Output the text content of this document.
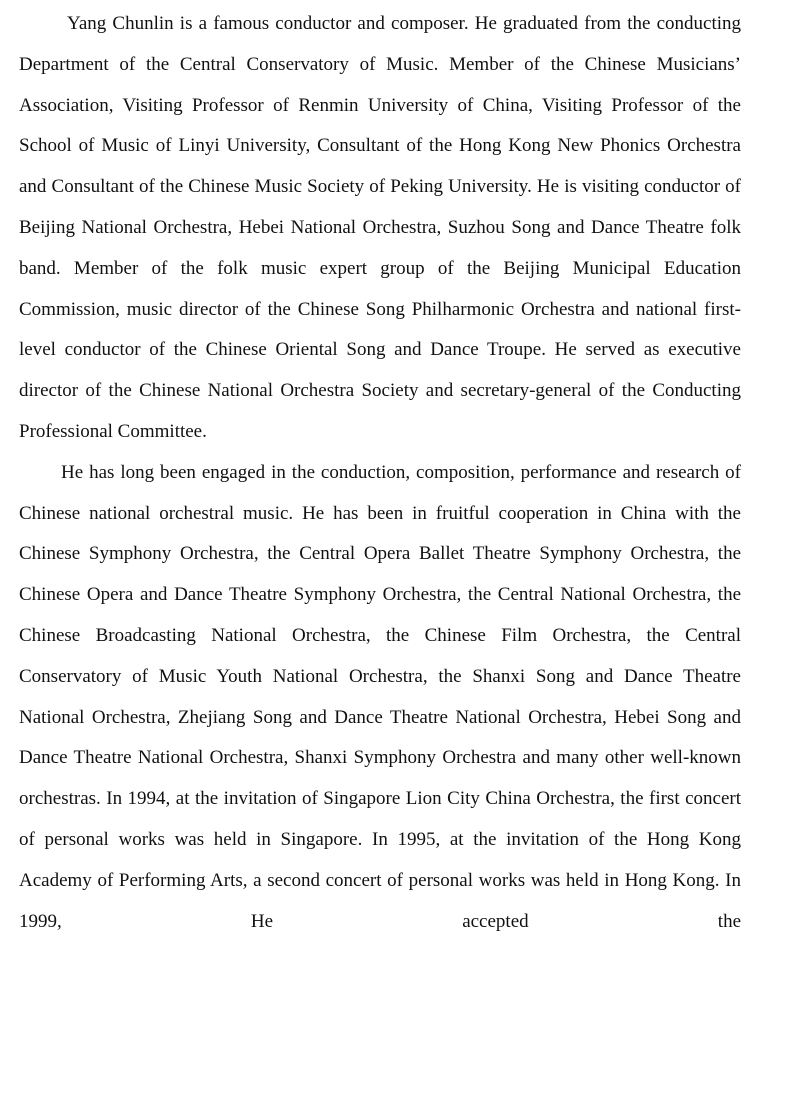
Yang Chunlin is a famous conductor and composer. He graduated from the conducting Department of the Central Conservatory of Music. Member of the Chinese Musicians’ Association, Visiting Professor of Renmin University of China, Visiting Professor of the School of Music of Linyi University, Consultant of the Hong Kong New Phonics Orchestra and Consultant of the Chinese Music Society of Peking University. He is visiting conductor of Beijing National Orchestra, Hebei National Orchestra, Suzhou Song and Dance Theatre folk band. Member of the folk music expert group of the Beijing Municipal Education Commission, music director of the Chinese Song Philharmonic Orchestra and national first-level conductor of the Chinese Oriental Song and Dance Troupe. He served as executive director of the Chinese National Orchestra Society and secretary-general of the Conducting Professional Committee.

He has long been engaged in the conduction, composition, performance and research of Chinese national orchestral music. He has been in fruitful cooperation in China with the Chinese Symphony Orchestra, the Central Opera Ballet Theatre Symphony Orchestra, the Chinese Opera and Dance Theatre Symphony Orchestra, the Central National Orchestra, the Chinese Broadcasting National Orchestra, the Chinese Film Orchestra, the Central Conservatory of Music Youth National Orchestra, the Shanxi Song and Dance Theatre National Orchestra, Zhejiang Song and Dance Theatre National Orchestra, Hebei Song and Dance Theatre National Orchestra, Shanxi Symphony Orchestra and many other well-known orchestras. In 1994, at the invitation of Singapore Lion City China Orchestra, the first concert of personal works was held in Singapore. In 1995, at the invitation of the Hong Kong Academy of Performing Arts, a second concert of personal works was held in Hong Kong. In 1999, He accepted the
